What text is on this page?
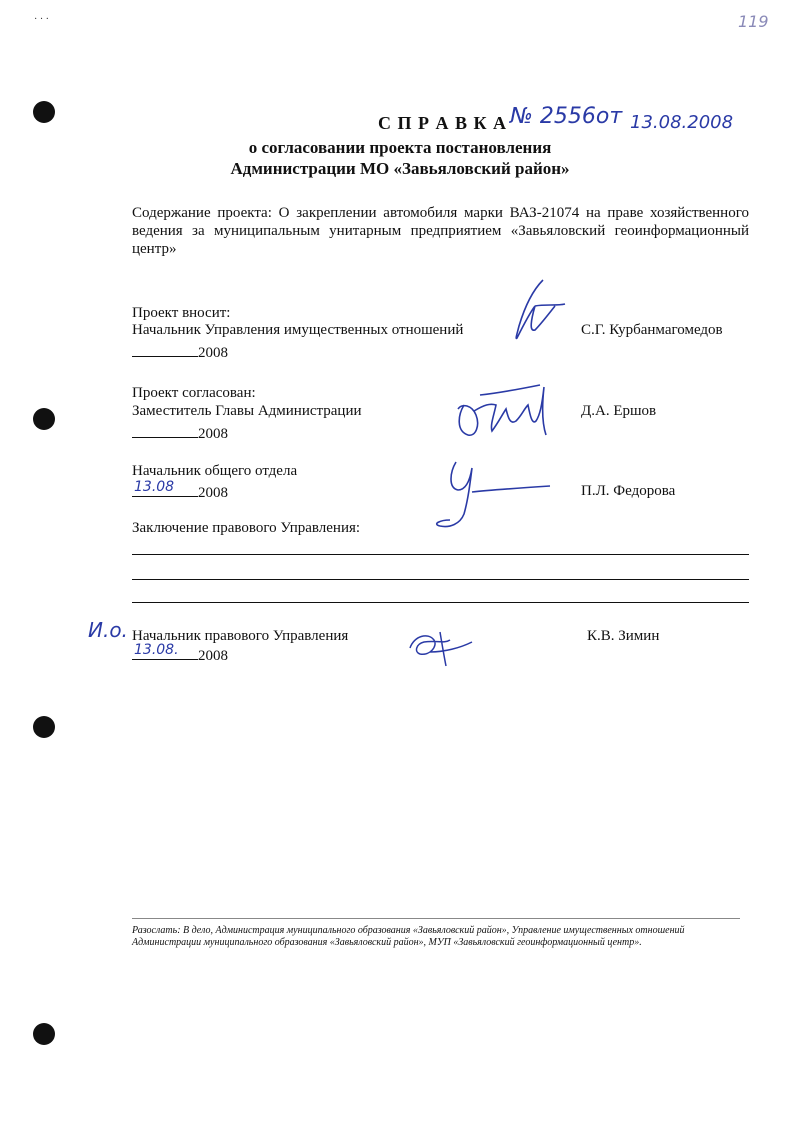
· · ·	119
С П Р А В К А № 2556от 13.08.2008
о согласовании проекта постановления
Администрации МО «Завьяловский район»
Содержание проекта: О закреплении автомобиля марки ВАЗ-21074 на праве хозяйственного ведения за муниципальным унитарным предприятием «Завьяловский геоинформационный центр»
Проект вносит:
Начальник Управления имущественных отношений
2008
С.Г. Курбанмагомедов
Проект согласован:
Заместитель Главы Администрации
2008
Д.А. Ершов
Начальник общего отдела
13.08 2008	П.Л. Федорова
Заключение правового Управления:
И.о. Начальник правового Управления
13.08. 2008
К.В. Зимин
Разослать: В дело, Администрация муниципального образования «Завьяловский район», Управление имущественных отношений Администрации муниципального образования «Завьяловский район», МУП «Завьяловский геоинформационный центр».
